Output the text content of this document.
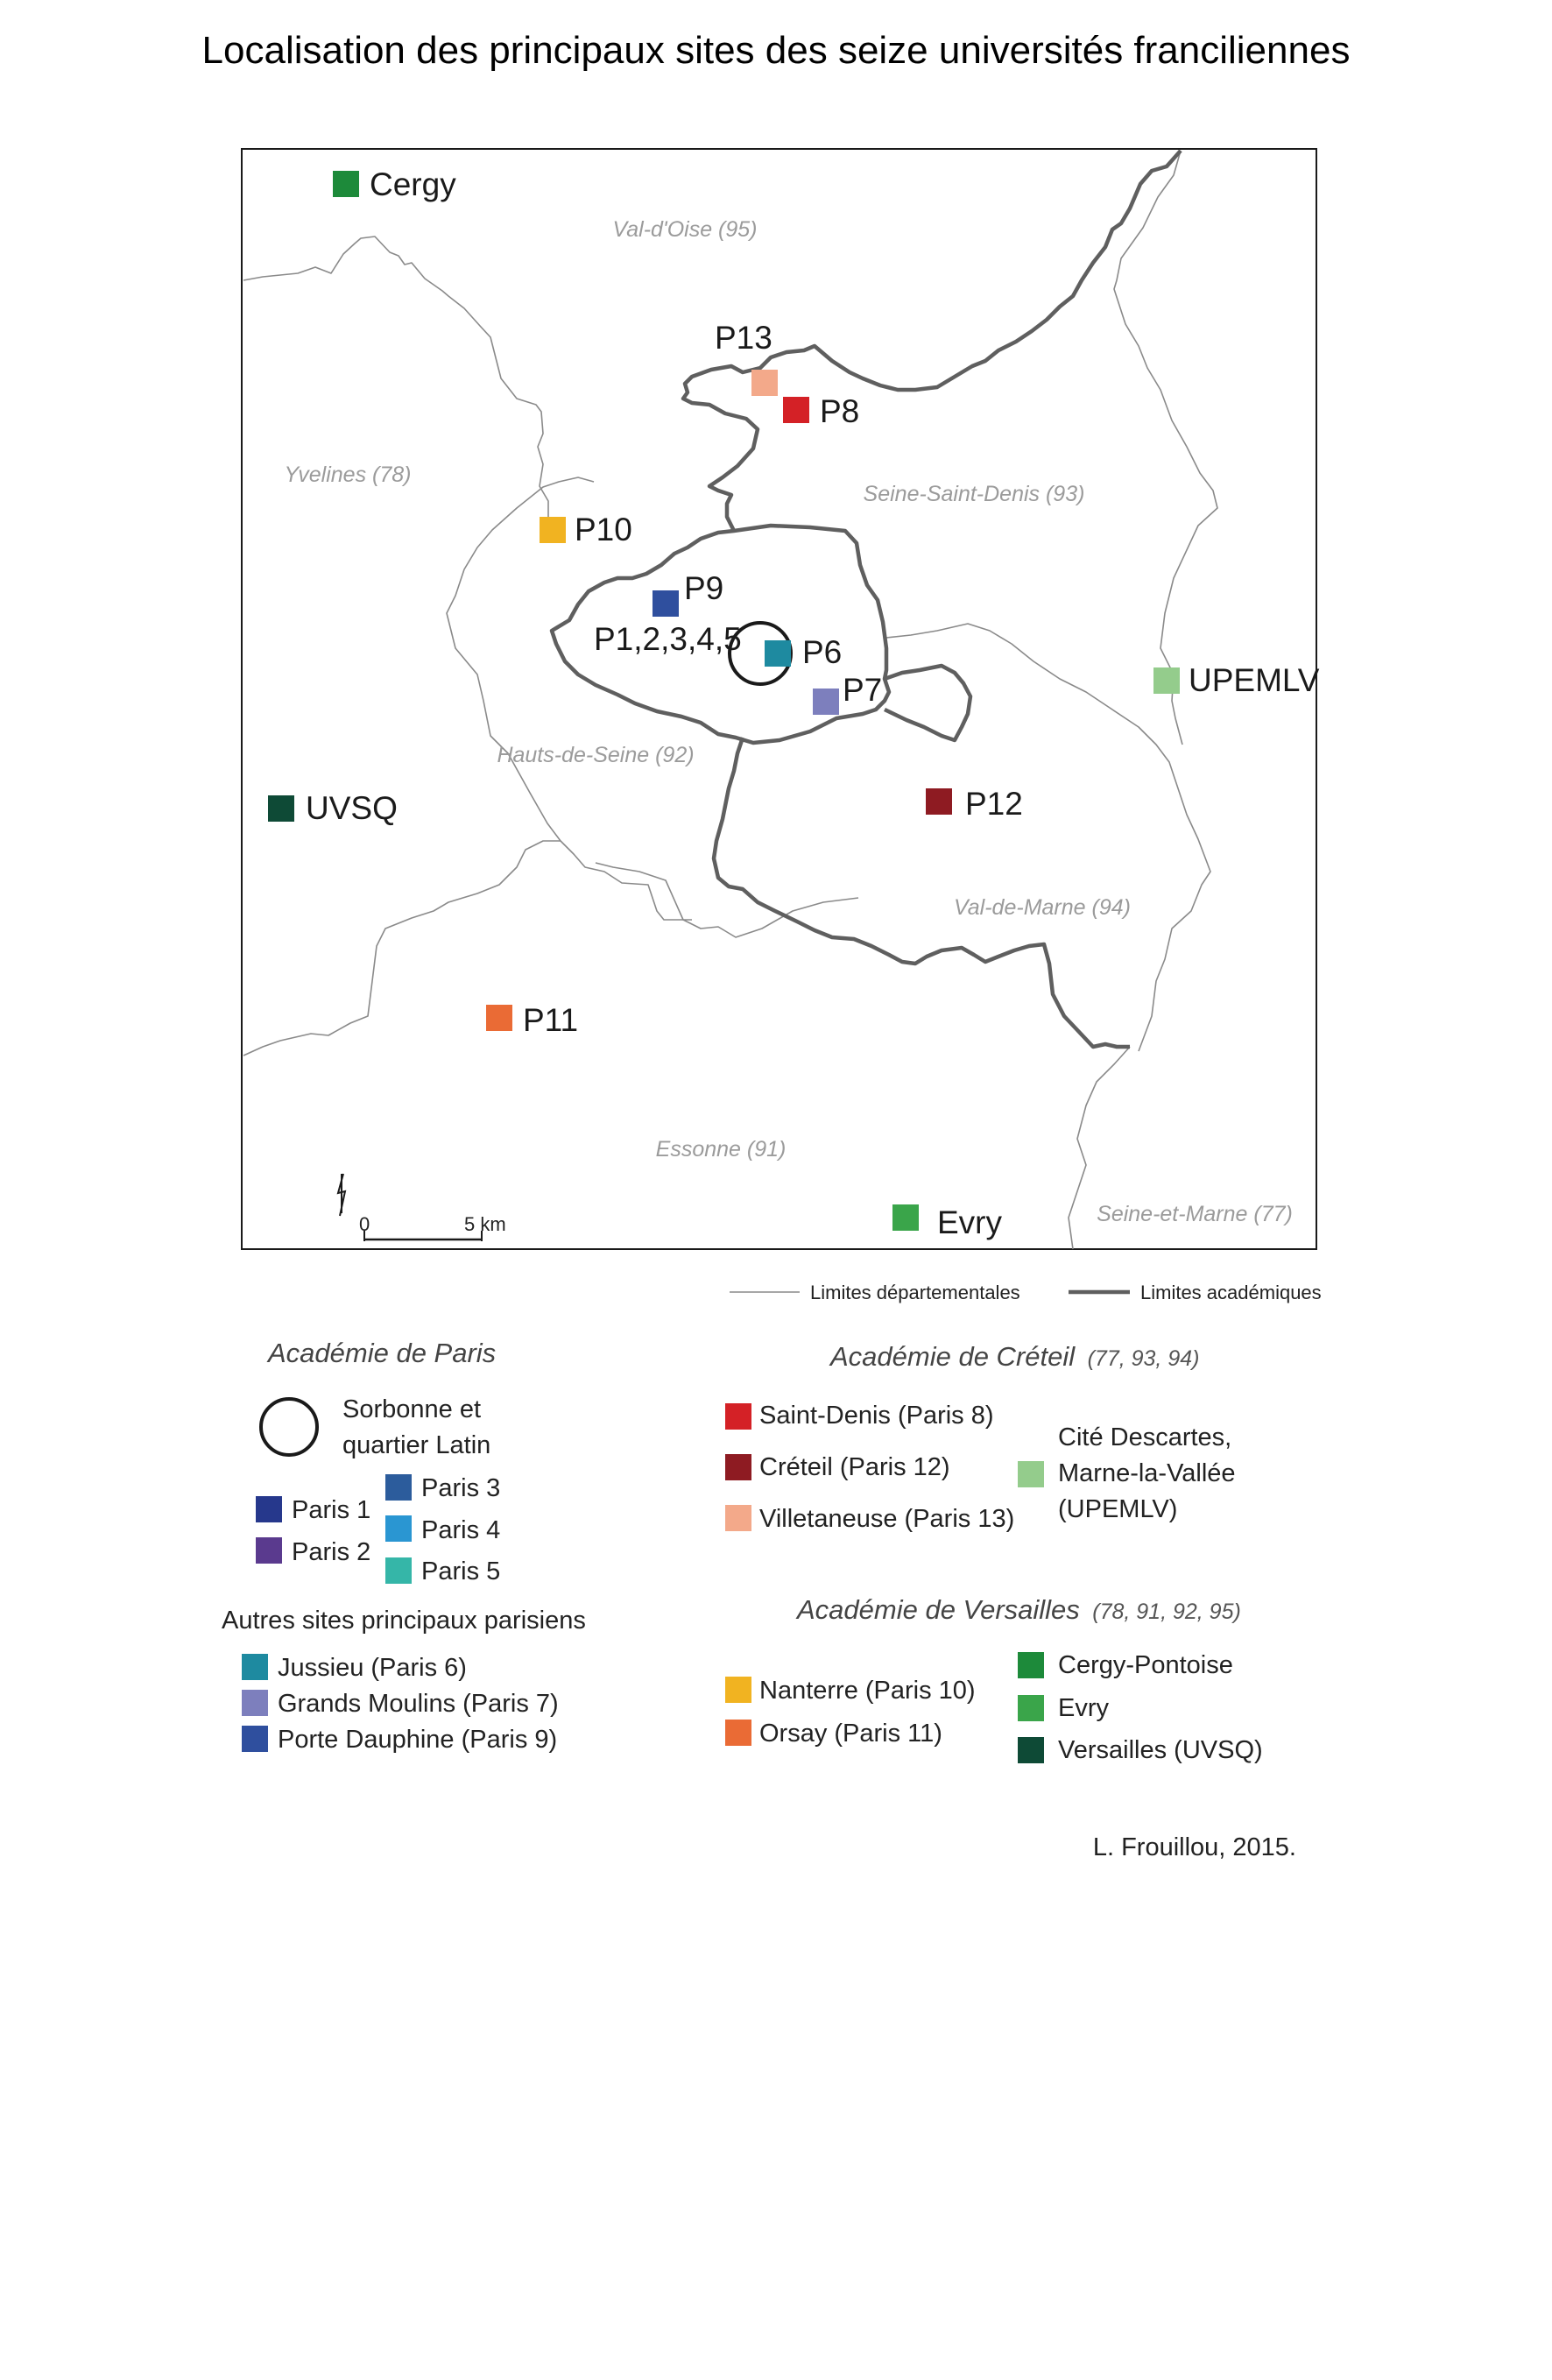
Localisation des principaux sites des seize universités franciliennes
Val-d'Oise (95)
Yvelines (78)
Seine-Saint-Denis (93)
Hauts-de-Seine (92)
Val-de-Marne (94)
Essonne (91)
Seine-et-Marne (77)
Cergy
P13
P8
P10
P9
P1,2,3,4,5 P6
P7	UPEMLV
UVSQ	P12
P11
Evry
0	5 km
Limites départementales	Limites académiques
Académie de Paris
Sorbonne et
quartier Latin
Paris 1
Paris 2
Paris 3
Paris 4
Paris 5
Autres sites principaux parisiens
Jussieu (Paris 6)
Grands Moulins (Paris 7)
Porte Dauphine (Paris 9)
Académie de Créteil (77, 93, 94)
Saint-Denis (Paris 8)
Créteil (Paris 12)
Villetaneuse (Paris 13)
Cité Descartes,
Marne-la-Vallée
(UPEMLV)
Académie de Versailles (78, 91, 92, 95)
Nanterre (Paris 10)
Orsay (Paris 11)
Cergy-Pontoise
Evry
Versailles (UVSQ)
L. Frouillou, 2015.
